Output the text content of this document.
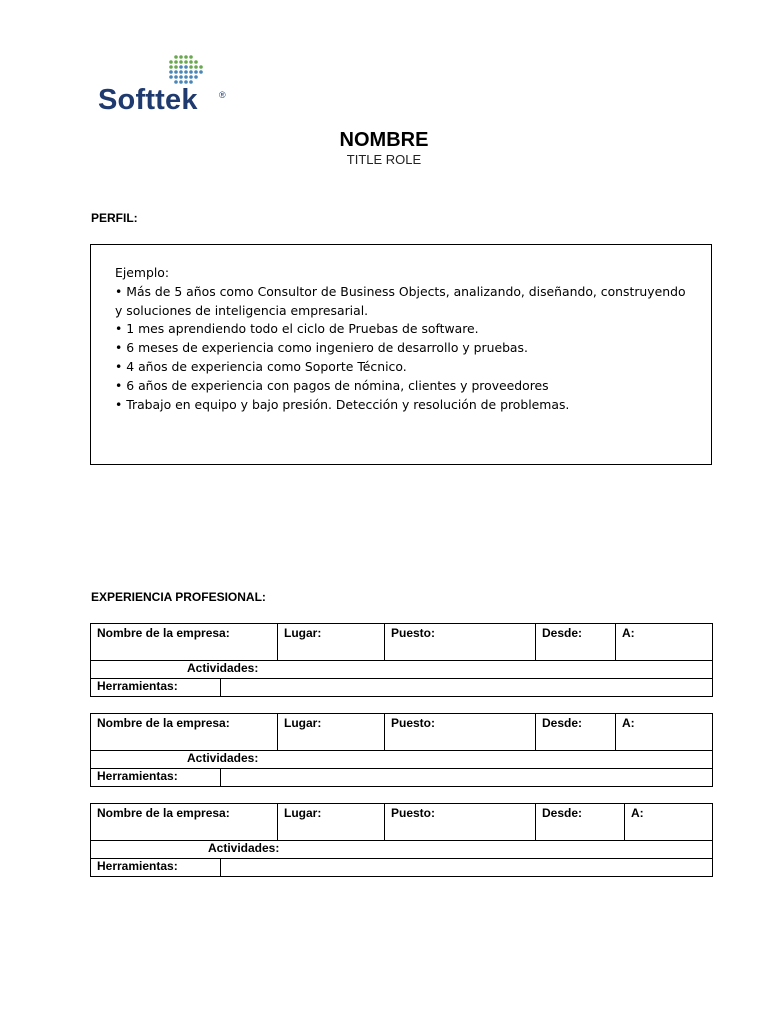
Softtek ®
NOMBRE
TITLE ROLE
PERFIL:
Ejemplo:
• Más de 5 años como Consultor de Business Objects, analizando, diseñando, construyendo y soluciones de inteligencia empresarial.
• 1 mes aprendiendo todo el ciclo de Pruebas de software.
• 6 meses de experiencia como ingeniero de desarrollo y pruebas.
• 4 años de experiencia como Soporte Técnico.
• 6 años de experiencia con pagos de nómina, clientes y proveedores
• Trabajo en equipo y bajo presión. Detección y resolución de problemas.
EXPERIENCIA PROFESIONAL:
Nombre de la empresa:		Lugar:	Puesto:	Desde:	A:
Actividades:					
Herramientas:					
Nombre de la empresa:		Lugar:	Puesto:	Desde:	A:
Actividades:					
Herramientas:					
Nombre de la empresa:		Lugar:	Puesto:	Desde:	A:
Actividades:					
Herramientas:					
